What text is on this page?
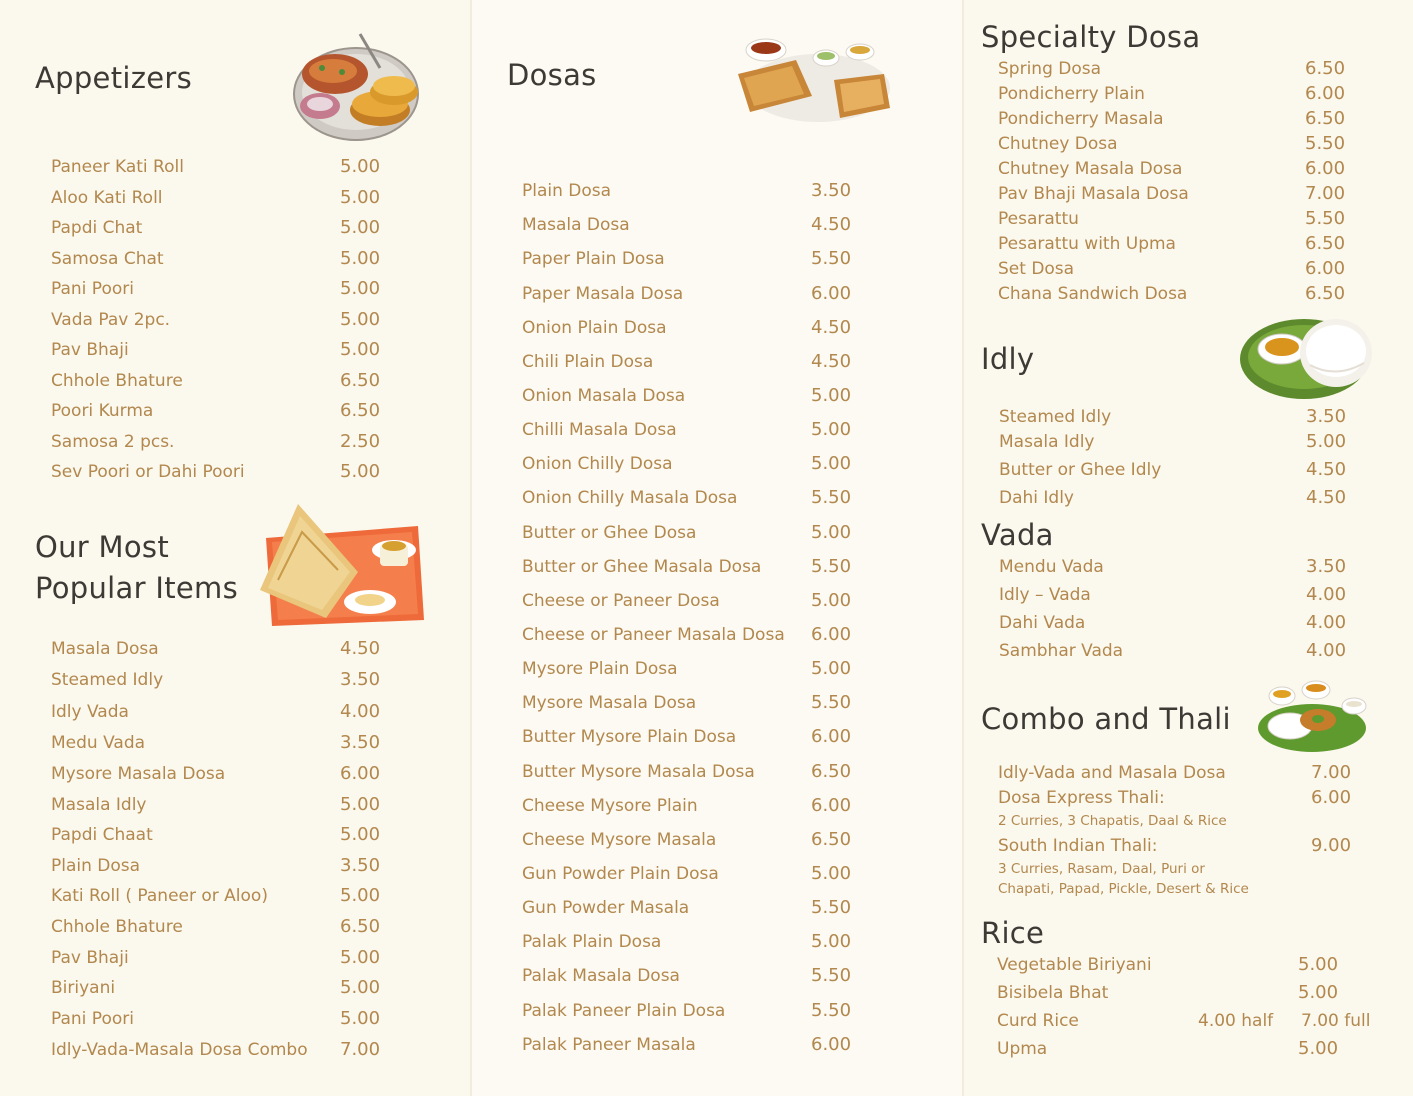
Appetizers
Paneer Kati Roll	5.00
Aloo Kati Roll	5.00
Papdi Chat	5.00
Samosa Chat	5.00
Pani Poori	5.00
Vada Pav 2pc.	5.00
Pav Bhaji	5.00
Chhole Bhature	6.50
Poori Kurma	6.50
Samosa 2 pcs.	2.50
Sev Poori or Dahi Poori	5.00
Our Most
Popular Items
Masala Dosa	4.50
Steamed Idly	3.50
Idly Vada	4.00
Medu Vada	3.50
Mysore Masala Dosa	6.00
Masala Idly	5.00
Papdi Chaat	5.00
Plain Dosa	3.50
Kati Roll ( Paneer or Aloo)	5.00
Chhole Bhature	6.50
Pav Bhaji	5.00
Biriyani	5.00
Pani Poori	5.00
Idly-Vada-Masala Dosa Combo 7.00
Dosas
Plain Dosa	3.50
Masala Dosa	4.50
Paper Plain Dosa	5.50
Paper Masala Dosa	6.00
Onion Plain Dosa	4.50
Chili Plain Dosa	4.50
Onion Masala Dosa	5.00
Chilli Masala Dosa	5.00
Onion Chilly Dosa	5.00
Onion Chilly Masala Dosa	5.50
Butter or Ghee Dosa	5.00
Butter or Ghee Masala Dosa	5.50
Cheese or Paneer Dosa	5.00
Cheese or Paneer Masala Dosa 6.00
Mysore Plain Dosa	5.00
Mysore Masala Dosa	5.50
Butter Mysore Plain Dosa	6.00
Butter Mysore Masala Dosa	6.50
Cheese Mysore Plain	6.00
Cheese Mysore Masala	6.50
Gun Powder Plain Dosa	5.00
Gun Powder Masala	5.50
Palak Plain Dosa	5.00
Palak Masala Dosa	5.50
Palak Paneer Plain Dosa	5.50
Palak Paneer Masala	6.00
Specialty Dosa
Spring Dosa	6.50
Pondicherry Plain	6.00
Pondicherry Masala	6.50
Chutney Dosa	5.50
Chutney Masala Dosa	6.00
Pav Bhaji Masala Dosa	7.00
Pesarattu	5.50
Pesarattu with Upma	6.50
Set Dosa	6.00
Chana Sandwich Dosa	6.50
Idly
Steamed Idly	3.50
Masala Idly	5.00
Butter or Ghee Idly	4.50
Dahi Idly	4.50
Vada
Mendu Vada	3.50
Idly – Vada	4.00
Dahi Vada	4.00
Sambhar Vada	4.00
Combo and Thali
Idly-Vada and Masala Dosa	7.00
Dosa Express Thali:	6.00
2 Curries, 3 Chapatis, Daal & Rice
South Indian Thali:	9.00
3 Curries, Rasam, Daal, Puri or
Chapati, Papad, Pickle, Desert & Rice
Rice
Vegetable Biriyani	5.00
Bisibela Bhat	5.00
Curd Rice	4.00 half 7.00 full
Upma	5.00
